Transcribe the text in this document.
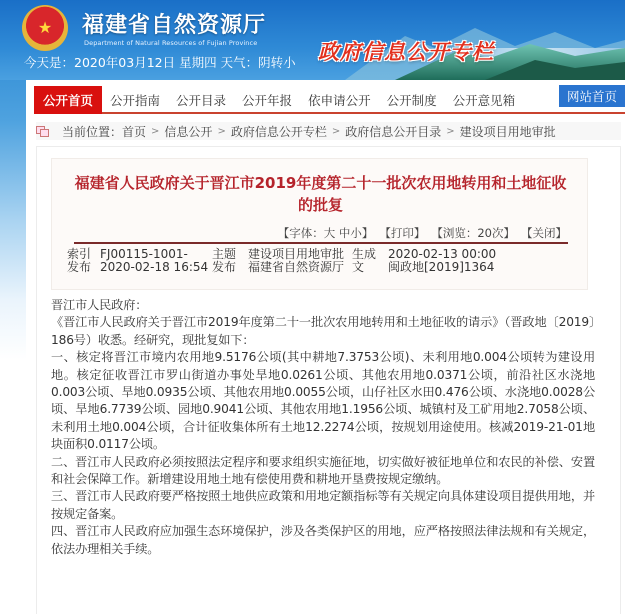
★ 福建省自然资源厅
Department of Natural Resources of Fujian Province
今天是：2020年03月12日 星期四 天气：阴转小 政府信息公开专栏
公开首页	公开指南	公开目录	公开年报	依申请公开	公开制度	公开意见箱	网站首页
当前位置： 首页 > 信息公开 > 政府信息公开专栏 > 政府信息公开目录 > 建设项目用地审批
福建省人民政府关于晋江市2019年度第二十一批次农用地转用和土地征收的批复
【字体：大 中小】 【打印】 【浏览：20次】 【关闭】
索引 FJ00115-1001-	主题 建设项目用地审批 生成 2020-02-13 00:00
发布 2020-02-18 16:54 发布 福建省自然资源厅 文	闽政地[2019]1364

晋江市人民政府：

《晋江市人民政府关于晋江市2019年度第二十一批次农用地转用和土地征收的请示》（晋政地〔2019〕186号）收悉。经研究，现批复如下：

一、核定将晋江市境内农用地9.5176公顷(其中耕地7.3753公顷)、未利用地0.004公顷转为建设用地。核定征收晋江市罗山街道办事处旱地0.0261公顷、其他农用地0.0371公顷，前沿社区水浇地0.003公顷、旱地0.0935公顷、其他农用地0.0055公顷，山仔社区水田0.476公顷、水浇地0.0028公顷、旱地6.7739公顷、园地0.9041公顷、其他农用地1.1956公顷、城镇村及工矿用地2.7058公顷、未利用土地0.004公顷，合计征收集体所有土地12.2274公顷，按规划用途使用。核减2019-21-01地块面积0.0117公顷。

二、晋江市人民政府必须按照法定程序和要求组织实施征地，切实做好被征地单位和农民的补偿、安置和社会保障工作。新增建设用地土地有偿使用费和耕地开垦费按规定缴纳。

三、晋江市人民政府要严格按照土地供应政策和用地定额指标等有关规定向具体建设项目提供用地，并按规定备案。

四、晋江市人民政府应加强生态环境保护，涉及各类保护区的用地，应严格按照法律法规和有关规定，依法办理相关手续。
